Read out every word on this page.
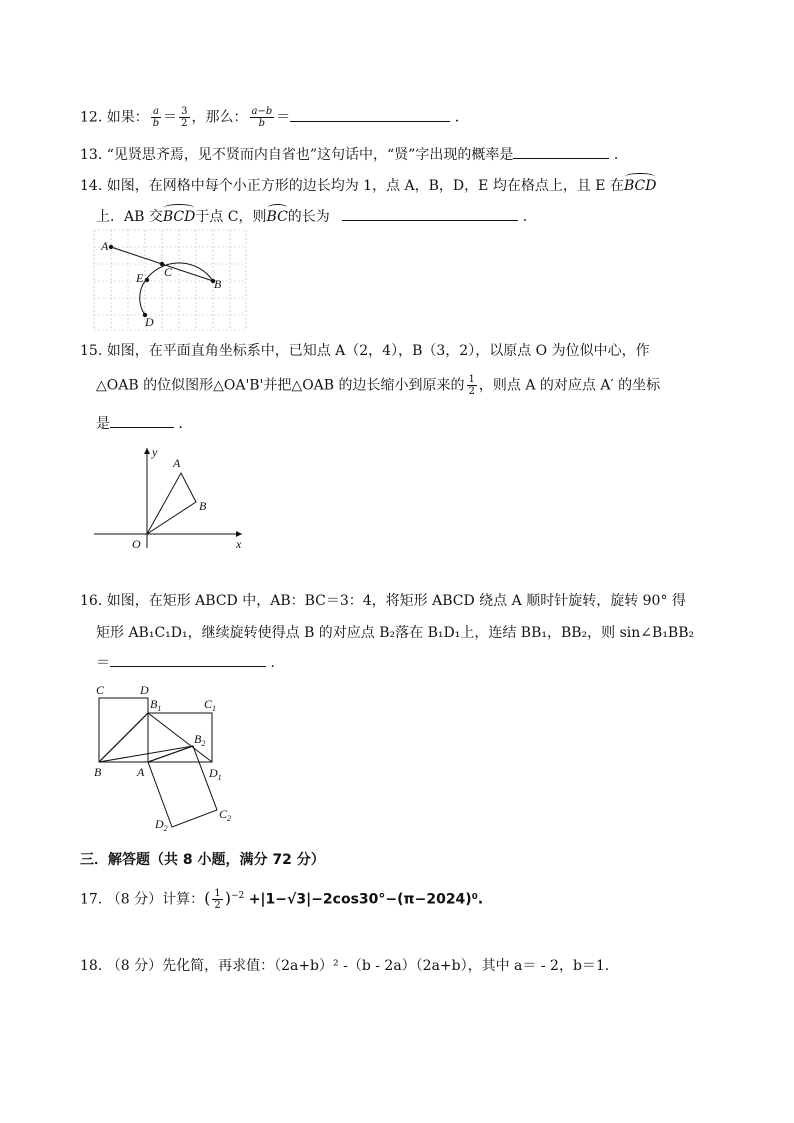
12. 如果： $\frac{a}{b} = \frac{3}{2}$ ，那么： $\frac{a-b}{b}$ ＝	．
13. “见贤思齐焉，见不贤而内自省也”这句话中，“贤”字出现的概率是	．
14. 如图，在网格中每个小正方形的边长均为 1，点 A，B，D，E 均在格点上，且 E 在BCD
上．AB 交BCD于点 C，则BC的长为	．
A
B
C
E
D
15. 如图，在平面直角坐标系中，已知点 A（2，4），B（3，2），以原点 O 为位似中心，作
△OAB 的位似图形△OA'B'并把△OAB 的边长缩小到原来的 $\frac{1}{2}$ ，则点 A 的对应点 A′ 的坐标
是	．
y
x
O
A
B
16. 如图，在矩形 ABCD 中，AB：BC＝3：4，将矩形 ABCD 绕点 A 顺时针旋转，旋转 90° 得
矩形 AB₁C₁D₁，继续旋转使得点 B 的对应点 B₂落在 B₁D₁上，连结 BB₁，BB₂，则 sin∠B₁BB₂
＝	．
C	D
$B_1$	$C_1$
$B_2$
B	A	$D_1$
$C_2$
$D_2$
三．解答题（共 8 小题，满分 72 分）
17. （8 分）计算：( $\frac{1}{2} )^{-2} +|1-√3|-2\cos 30^\circ-(\pi-2024)^0$.
18. （8 分）先化简，再求值：（2a+b）² -（b - 2a）（2a+b），其中 a＝ - 2，b＝1.
